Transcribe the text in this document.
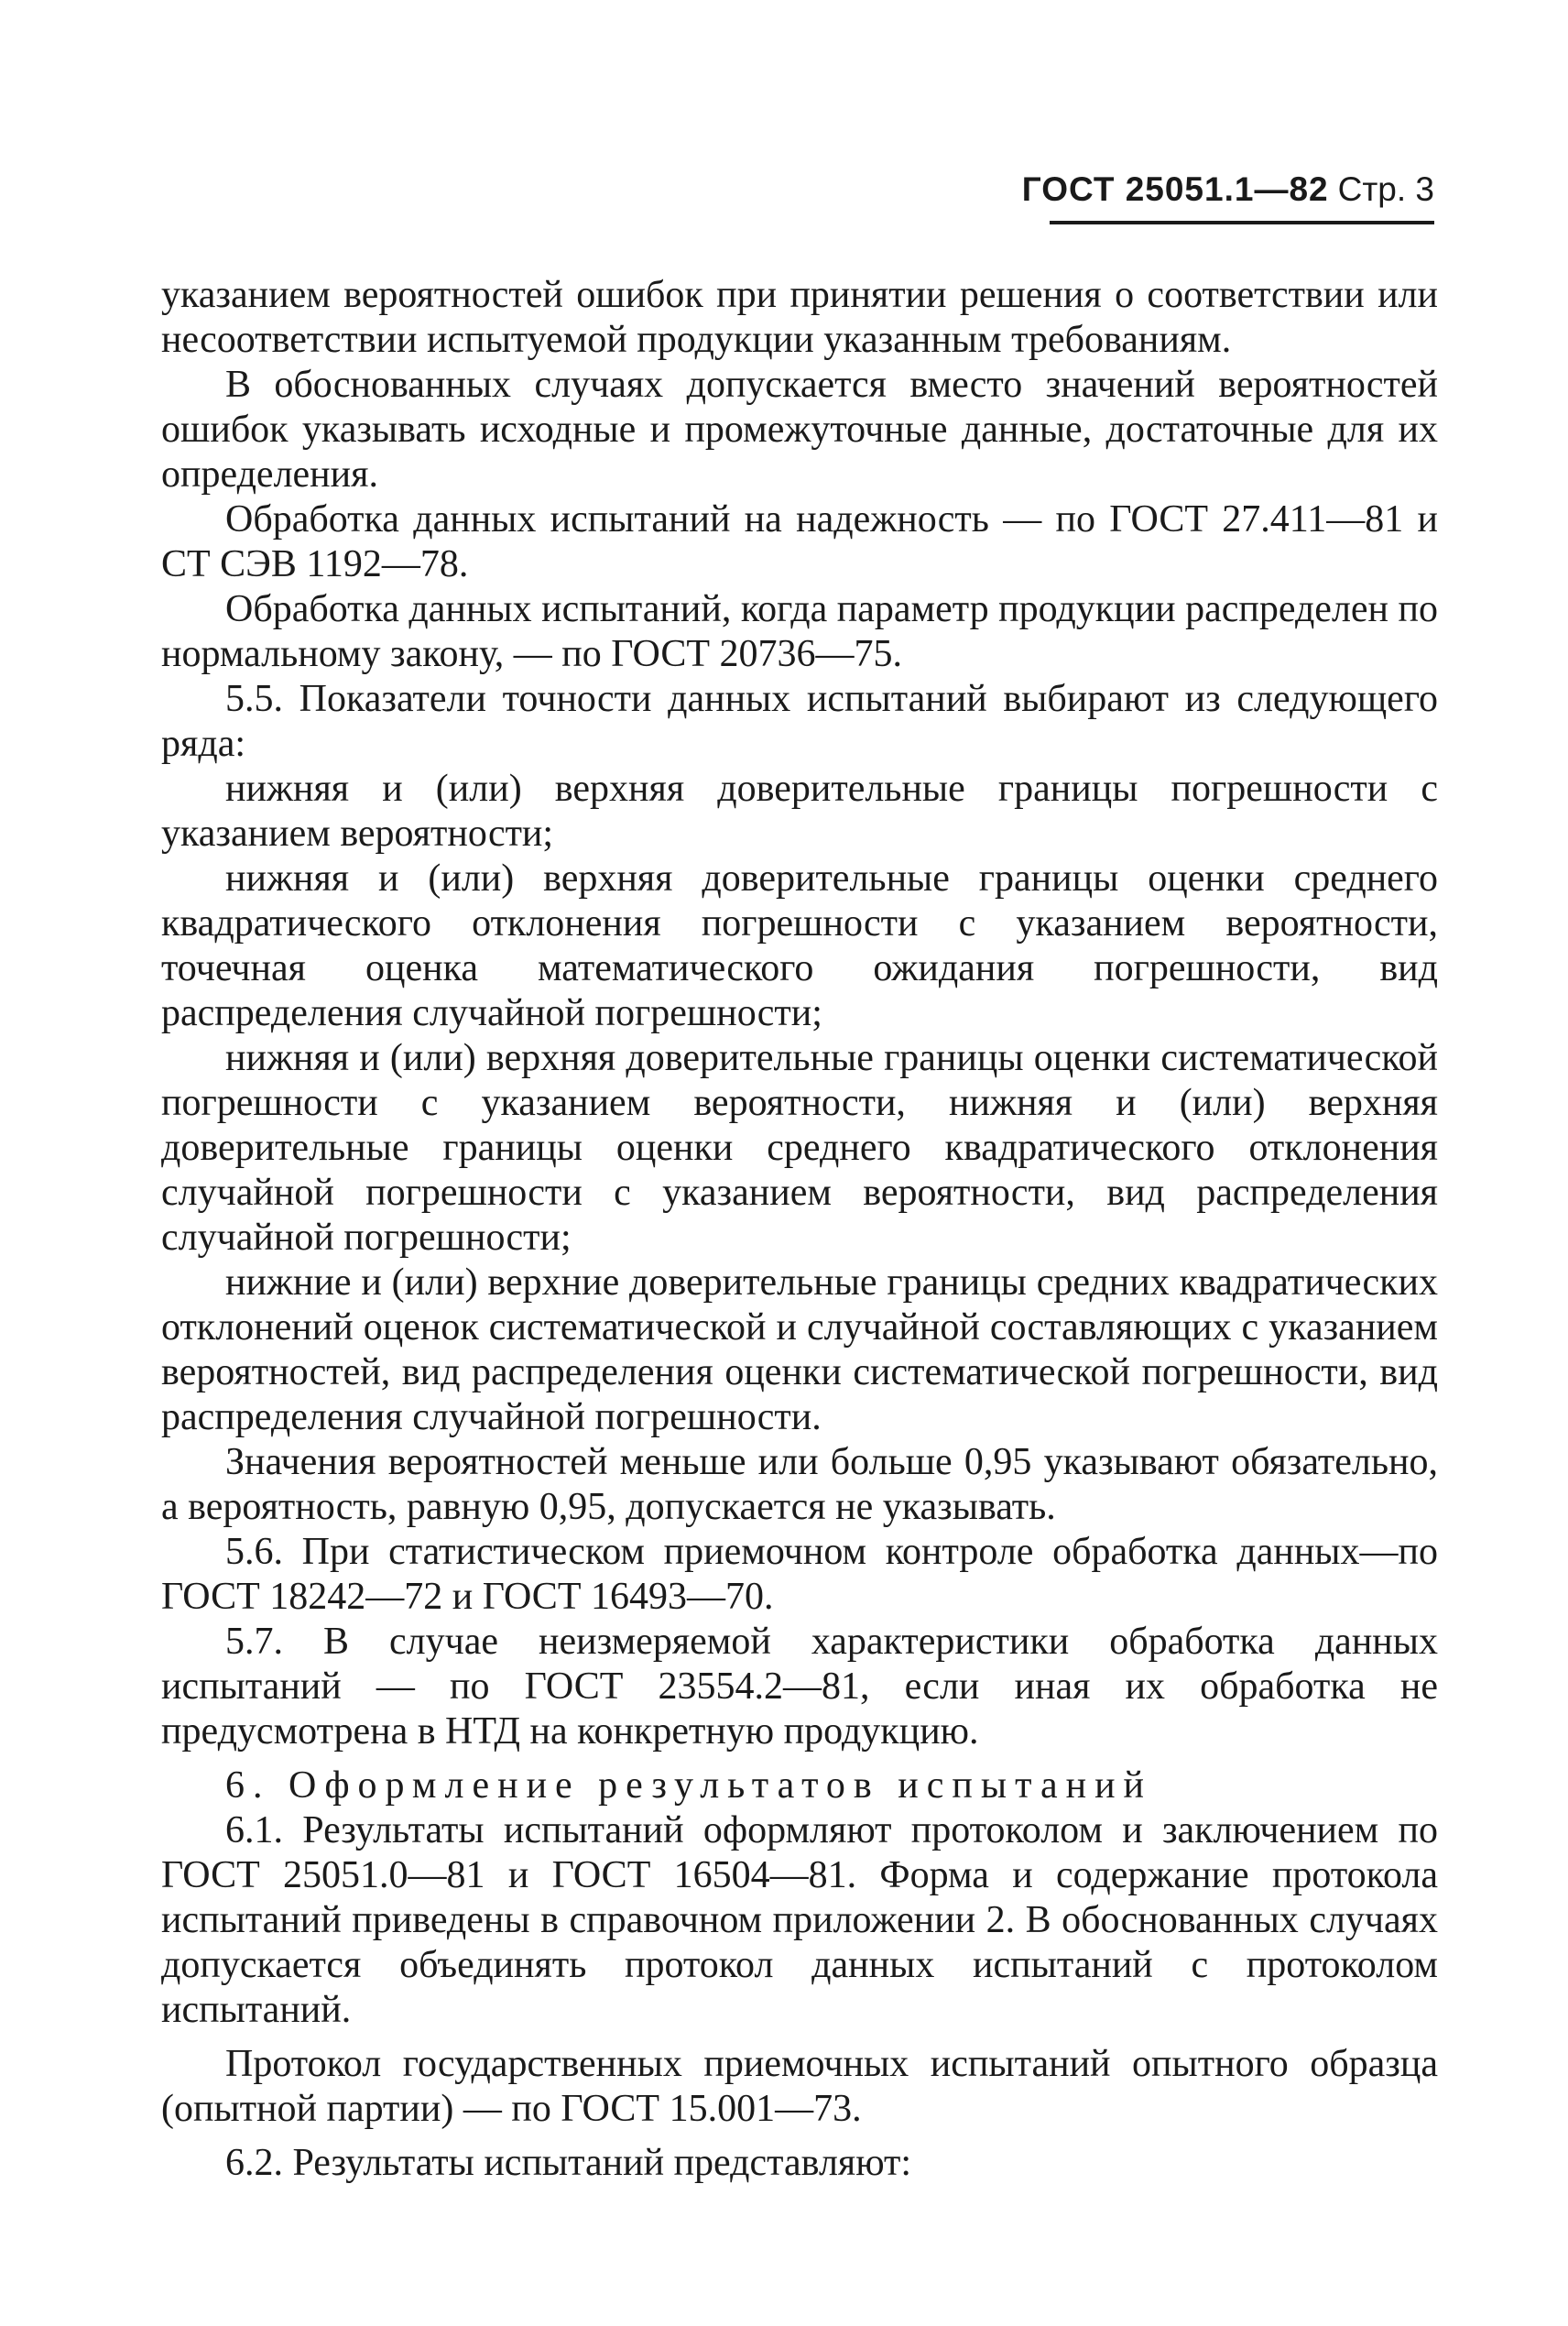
ГОСТ 25051.1—82 Стр. 3

указанием вероятностей ошибок при принятии решения о соответствии или несоответствии испытуемой продукции указанным требованиям.

В обоснованных случаях допускается вместо значений вероятностей ошибок указывать исходные и промежуточные данные, достаточные для их определения.

Обработка данных испытаний на надежность — по ГОСТ 27.411—81 и СТ СЭВ 1192—78.

Обработка данных испытаний, когда параметр продукции распределен по нормальному закону, — по ГОСТ 20736—75.

5.5. Показатели точности данных испытаний выбирают из следующего ряда:

нижняя и (или) верхняя доверительные границы погрешности с указанием вероятности;

нижняя и (или) верхняя доверительные границы оценки среднего квадратического отклонения погрешности с указанием вероятности, точечная оценка математического ожидания погрешности, вид распределения случайной погрешности;

нижняя и (или) верхняя доверительные границы оценки систематической погрешности с указанием вероятности, нижняя и (или) верхняя доверительные границы оценки среднего квадратического отклонения случайной погрешности с указанием вероятности, вид распределения случайной погрешности;

нижние и (или) верхние доверительные границы средних квадратических отклонений оценок систематической и случайной составляющих с указанием вероятностей, вид распределения оценки систематической погрешности, вид распределения случайной погрешности.

Значения вероятностей меньше или больше 0,95 указывают обязательно, а вероятность, равную 0,95, допускается не указывать.

5.6. При статистическом приемочном контроле обработка данных—по ГОСТ 18242—72 и ГОСТ 16493—70.

5.7. В случае неизмеряемой характеристики обработка данных испытаний — по ГОСТ 23554.2—81, если иная их обработка не предусмотрена в НТД на конкретную продукцию.

6. Оформление результатов испытаний

6.1. Результаты испытаний оформляют протоколом и заключением по ГОСТ 25051.0—81 и ГОСТ 16504—81. Форма и содержание протокола испытаний приведены в справочном приложении 2. В обоснованных случаях допускается объединять протокол данных испытаний с протоколом испытаний.

Протокол государственных приемочных испытаний опытного образца (опытной партии) — по ГОСТ 15.001—73.

6.2. Результаты испытаний представляют:
